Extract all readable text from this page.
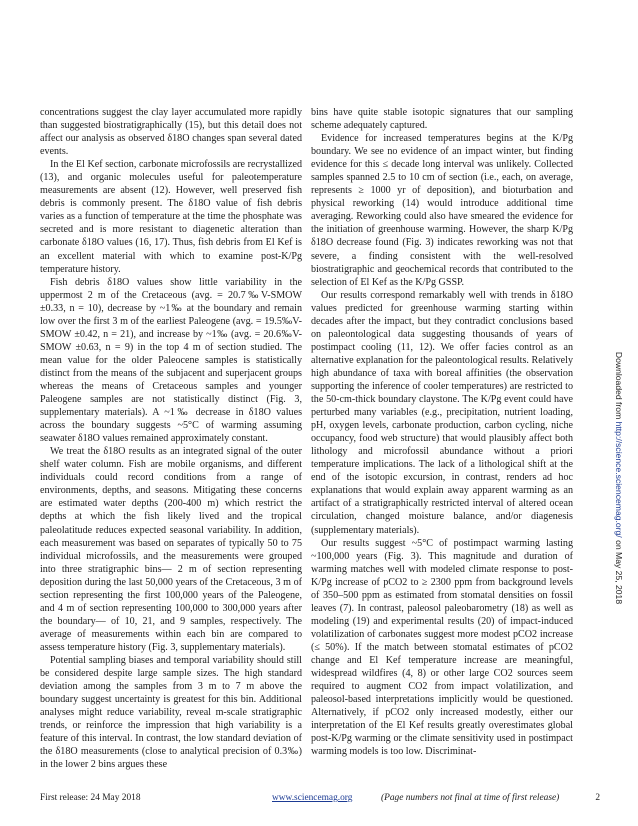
concentrations suggest the clay layer accumulated more rapidly than suggested biostratigraphically (15), but this detail does not affect our analysis as observed δ18O changes span several dated events.

In the El Kef section, carbonate microfossils are recrystallized (13), and organic molecules useful for paleotemperature measurements are absent (12). However, well preserved fish debris is commonly present. The δ18O value of fish debris varies as a function of temperature at the time the phosphate was secreted and is more resistant to diagenetic alteration than carbonate δ18O values (16, 17). Thus, fish debris from El Kef is an excellent material with which to examine post-K/Pg temperature history.

Fish debris δ18O values show little variability in the uppermost 2 m of the Cretaceous (avg. = 20.7‰V-SMOW ±0.33, n = 10), decrease by ~1‰ at the boundary and remain low over the first 3 m of the earliest Paleogene (avg. = 19.5‰V-SMOW ±0.42, n = 21), and increase by ~1‰ (avg. = 20.6‰V-SMOW ±0.63, n = 9) in the top 4 m of section studied. The mean value for the older Paleocene samples is statistically distinct from the means of the subjacent and superjacent groups whereas the means of Cretaceous samples and younger Paleogene samples are not statistically distinct (Fig. 3, supplementary materials). A ~1‰ decrease in δ18O values across the boundary suggests ~5°C of warming assuming seawater δ18O values remained approximately constant.

We treat the δ18O results as an integrated signal of the outer shelf water column. Fish are mobile organisms, and different individuals could record conditions from a range of environments, depths, and seasons. Mitigating these concerns are estimated water depths (200-400 m) which restrict the depths at which the fish likely lived and the tropical paleolatitude reduces expected seasonal variability. In addition, each measurement was based on separates of typically 50 to 75 individual microfossils, and the measurements were grouped into three stratigraphic bins— 2 m of section representing deposition during the last 50,000 years of the Cretaceous, 3 m of section representing the first 100,000 years of the Paleogene, and 4 m of section representing 100,000 to 300,000 years after the boundary— of 10, 21, and 9 samples, respectively. The average of measurements within each bin are compared to assess temperature history (Fig. 3, supplementary materials).

Potential sampling biases and temporal variability should still be considered despite large sample sizes. The high standard deviation among the samples from 3 m to 7 m above the boundary suggest uncertainty is greatest for this bin. Additional analyses might reduce variability, reveal m-scale stratigraphic trends, or reinforce the impression that high variability is a feature of this interval. In contrast, the low standard deviation of the δ18O measurements (close to analytical precision of 0.3‰) in the lower 2 bins argues these

bins have quite stable isotopic signatures that our sampling scheme adequately captured.

Evidence for increased temperatures begins at the K/Pg boundary. We see no evidence of an impact winter, but finding evidence for this ≤ decade long interval was unlikely. Collected samples spanned 2.5 to 10 cm of section (i.e., each, on average, represents ≥ 1000 yr of deposition), and bioturbation and physical reworking (14) would introduce additional time averaging. Reworking could also have smeared the evidence for the initiation of greenhouse warming. However, the sharp K/Pg δ18O decrease found (Fig. 3) indicates reworking was not that severe, a finding consistent with the well-resolved biostratigraphic and geochemical records that contributed to the selection of El Kef as the K/Pg GSSP.

Our results correspond remarkably well with trends in δ18O values predicted for greenhouse warming starting within decades after the impact, but they contradict conclusions based on paleontological data suggesting thousands of years of postimpact cooling (11, 12). We offer facies control as an alternative explanation for the paleontological results. Relatively high abundance of taxa with boreal affinities (the observation supporting the inference of cooler temperatures) are restricted to the 50-cm-thick boundary claystone. The K/Pg event could have perturbed many variables (e.g., precipitation, nutrient loading, pH, oxygen levels, carbonate production, carbon cycling, niche occupancy, food web structure) that would plausibly affect both lithology and microfossil abundance without a priori temperature implications. The lack of a lithological shift at the end of the isotopic excursion, in contrast, renders ad hoc explanations that would explain away apparent warming as an artifact of a stratigraphically restricted interval of altered ocean circulation, changed moisture balance, and/or diagenesis (supplementary materials).

Our results suggest ~5°C of postimpact warming lasting ~100,000 years (Fig. 3). This magnitude and duration of warming matches well with modeled climate response to post-K/Pg increase of pCO2 to ≥ 2300 ppm from background levels of 350–500 ppm as estimated from stomatal densities on fossil leaves (7). In contrast, paleosol paleobarometry (18) as well as modeling (19) and experimental results (20) of impact-induced volatilization of carbonates suggest more modest pCO2 increase (≤ 50%). If the match between stomatal estimates of pCO2 change and El Kef temperature increase are meaningful, widespread wildfires (4, 8) or other large CO2 sources seem required to augment CO2 from impact volatilization, and paleosol-based interpretations implicitly would be questioned. Alternatively, if pCO2 only increased modestly, either our interpretation of the El Kef results greatly overestimates global post-K/Pg warming or the climate sensitivity used in postimpact warming models is too low. Discriminat-

Downloaded from http://science.sciencemag.org/ on May 25, 2018
First release: 24 May 2018	www.sciencemag.org	(Page numbers not final at time of first release)	2
